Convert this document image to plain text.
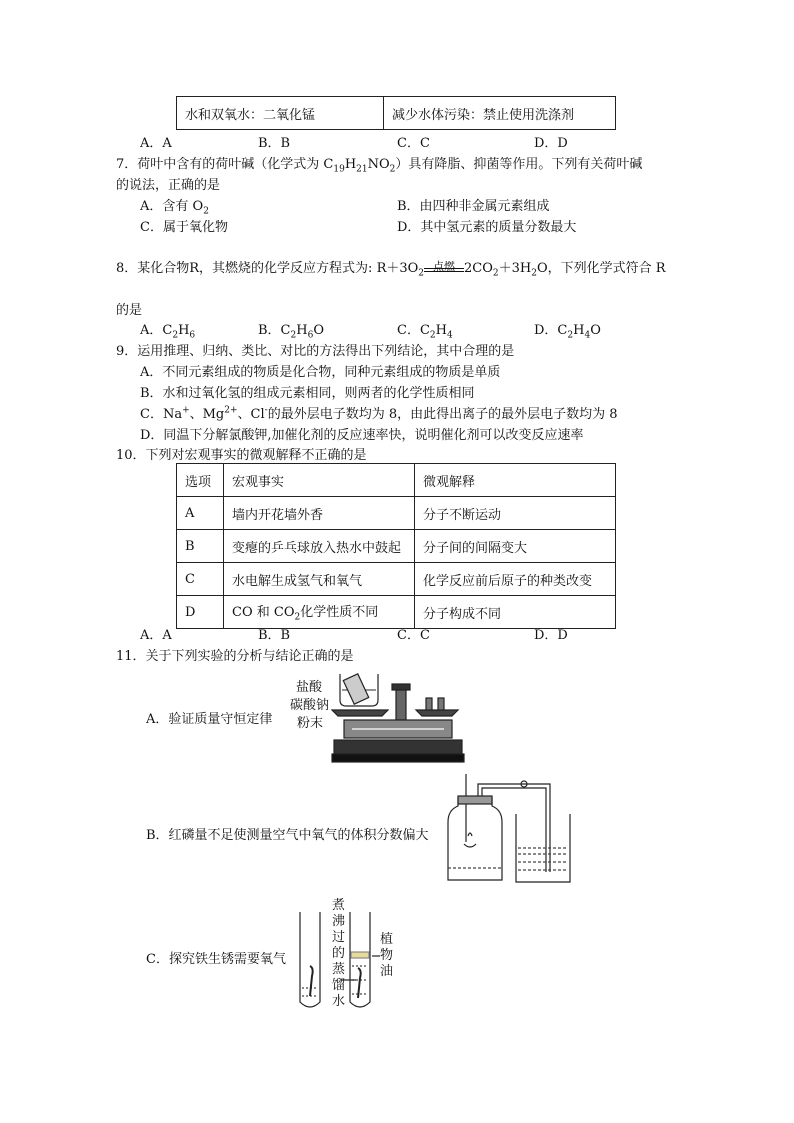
水和双氧水：二氧化锰	减少水体污染：禁止使用洗涤剂
A．A	B．B	C．C	D．D
7．荷叶中含有的荷叶碱（化学式为 $C_{19}H_{21}NO_2$）具有降脂、抑菌等作用。下列有关荷叶碱
的说法，正确的是
A．含有 $O_2$	B．由四种非金属元素组成
C．属于氧化物	D．其中氢元素的质量分数最大
8．某化合物R，其燃烧的化学反应方程式为: $R+3O_2$
点燃 $2CO_2+3H_2O$，下列化学式符合 R
的是
A．$C_2H_6$	B．$C_2H_6O$	C．$C_2H_4$	D．$C_2H_4O$
9．运用推理、归纳、类比、对比的方法得出下列结论，其中合理的是
A．不同元素组成的物质是化合物，同种元素组成的物质是单质
B．水和过氧化氢的组成元素相同，则两者的化学性质相同
C．Na+、$Mg^{2+}$、Cl-的最外层电子数均为 8，由此得出离子的最外层电子数均为 8
D．同温下分解氯酸钾,加催化剂的反应速率快，说明催化剂可以改变反应速率
10．下列对宏观事实的微观解释不正确的是
选项	宏观事实	微观解释
A	墙内开花墙外香	分子不断运动
B	变瘪的乒乓球放入热水中鼓起	分子间的间隔变大
C	水电解生成氢气和氧气	化学反应前后原子的种类改变
D	CO 和 $CO_2$化学性质不同	分子构成不同
A．A	B．B	C．C	D．D
11．关于下列实验的分析与结论正确的是
A．验证质量守恒定律
盐酸
碳酸钠
粉末
B．红磷量不足使测量空气中氧气的体积分数偏大
C．探究铁生锈需要氧气
煮
沸
过
的
蒸
馏
水
植
物
油
